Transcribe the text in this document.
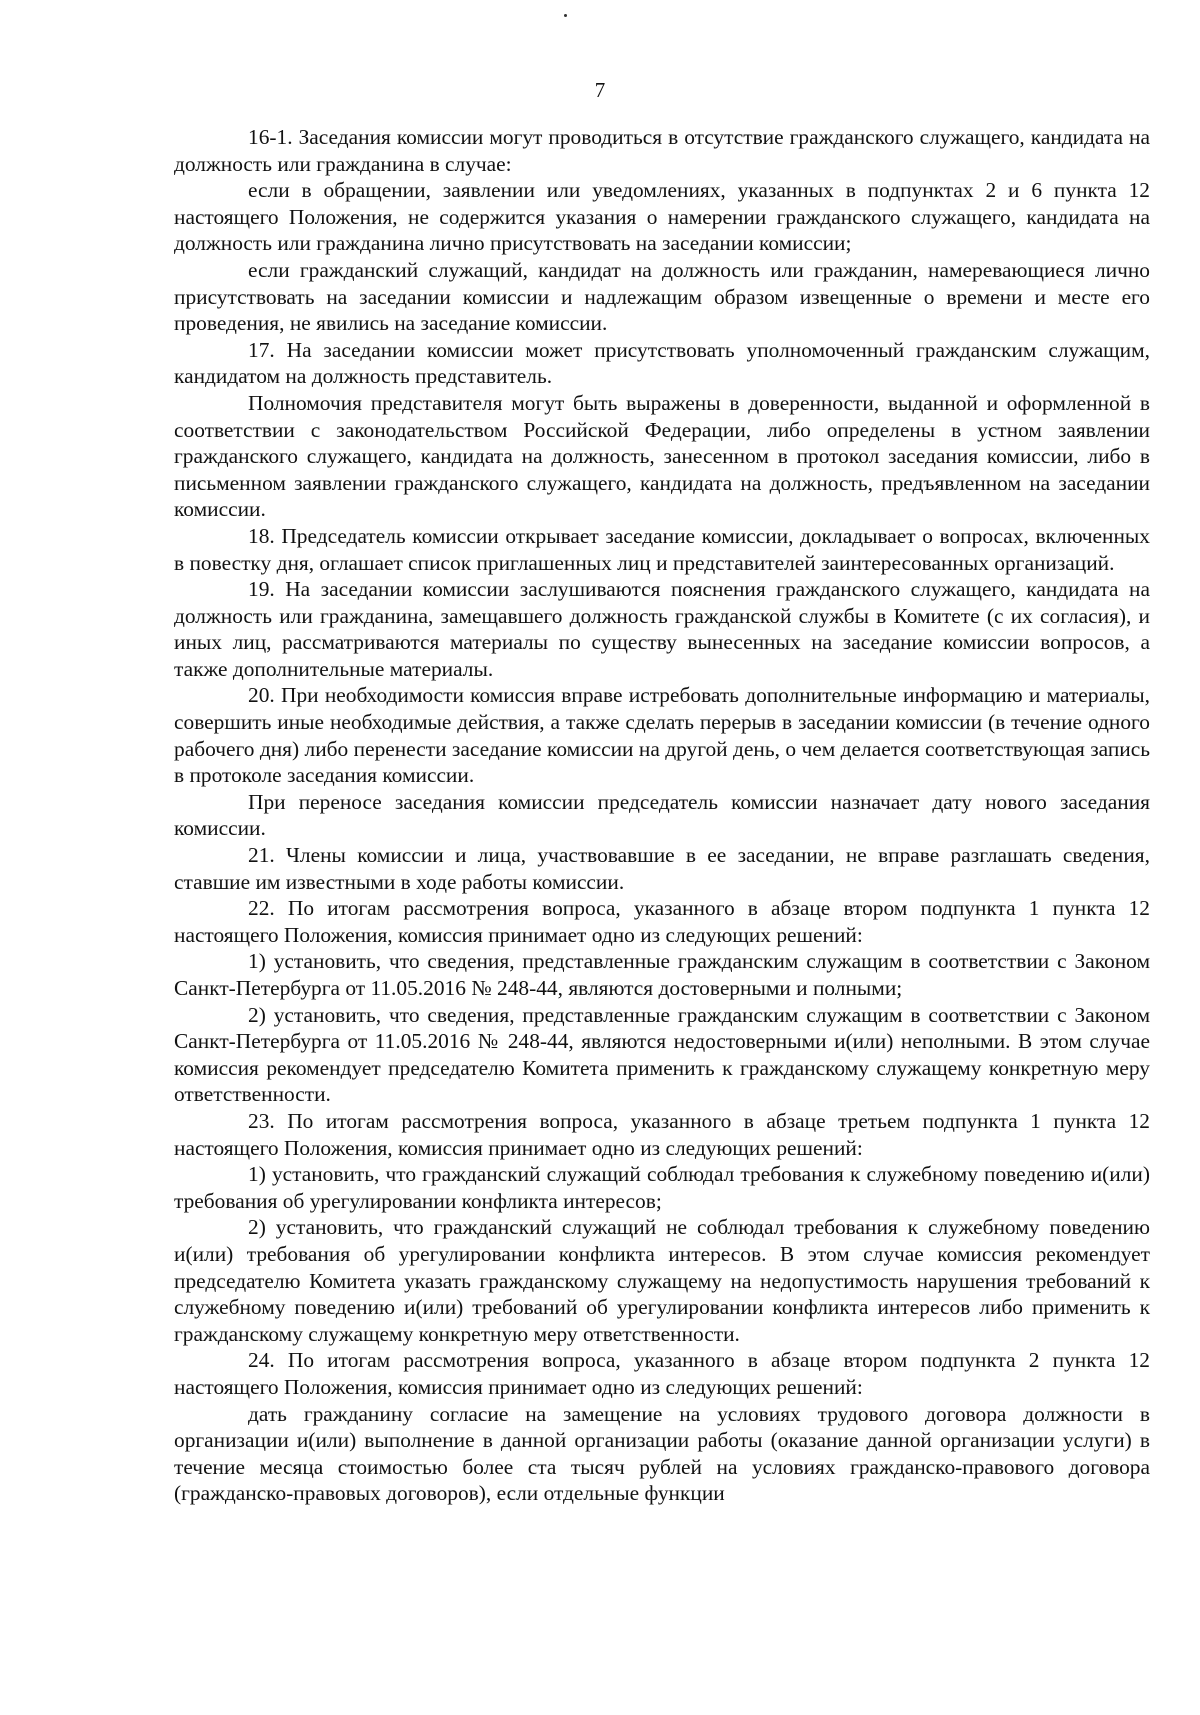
7

16-1. Заседания комиссии могут проводиться в отсутствие гражданского служащего, кандидата на должность или гражданина в случае:

если в обращении, заявлении или уведомлениях, указанных в подпунктах 2 и 6 пункта 12 настоящего Положения, не содержится указания о намерении гражданского служащего, кандидата на должность или гражданина лично присутствовать на заседании комиссии;

если гражданский служащий, кандидат на должность или гражданин, намеревающиеся лично присутствовать на заседании комиссии и надлежащим образом извещенные о времени и месте его проведения, не явились на заседание комиссии.

17. На заседании комиссии может присутствовать уполномоченный гражданским служащим, кандидатом на должность представитель.

Полномочия представителя могут быть выражены в доверенности, выданной и оформленной в соответствии с законодательством Российской Федерации, либо определены в устном заявлении гражданского служащего, кандидата на должность, занесенном в протокол заседания комиссии, либо в письменном заявлении гражданского служащего, кандидата на должность, предъявленном на заседании комиссии.

18. Председатель комиссии открывает заседание комиссии, докладывает о вопросах, включенных в повестку дня, оглашает список приглашенных лиц и представителей заинтересованных организаций.

19. На заседании комиссии заслушиваются пояснения гражданского служащего, кандидата на должность или гражданина, замещавшего должность гражданской службы в Комитете (с их согласия), и иных лиц, рассматриваются материалы по существу вынесенных на заседание комиссии вопросов, а также дополнительные материалы.

20. При необходимости комиссия вправе истребовать дополнительные информацию и материалы, совершить иные необходимые действия, а также сделать перерыв в заседании комиссии (в течение одного рабочего дня) либо перенести заседание комиссии на другой день, о чем делается соответствующая запись в протоколе заседания комиссии.

При переносе заседания комиссии председатель комиссии назначает дату нового заседания комиссии.

21. Члены комиссии и лица, участвовавшие в ее заседании, не вправе разглашать сведения, ставшие им известными в ходе работы комиссии.

22. По итогам рассмотрения вопроса, указанного в абзаце втором подпункта 1 пункта 12 настоящего Положения, комиссия принимает одно из следующих решений:

1) установить, что сведения, представленные гражданским служащим в соответствии с Законом Санкт-Петербурга от 11.05.2016 № 248-44, являются достоверными и полными;

2) установить, что сведения, представленные гражданским служащим в соответствии с Законом Санкт-Петербурга от 11.05.2016 № 248-44, являются недостоверными и(или) неполными. В этом случае комиссия рекомендует председателю Комитета применить к гражданскому служащему конкретную меру ответственности.

23. По итогам рассмотрения вопроса, указанного в абзаце третьем подпункта 1 пункта 12 настоящего Положения, комиссия принимает одно из следующих решений:

1) установить, что гражданский служащий соблюдал требования к служебному поведению и(или) требования об урегулировании конфликта интересов;

2) установить, что гражданский служащий не соблюдал требования к служебному поведению и(или) требования об урегулировании конфликта интересов. В этом случае комиссия рекомендует председателю Комитета указать гражданскому служащему на недопустимость нарушения требований к служебному поведению и(или) требований об урегулировании конфликта интересов либо применить к гражданскому служащему конкретную меру ответственности.

24. По итогам рассмотрения вопроса, указанного в абзаце втором подпункта 2 пункта 12 настоящего Положения, комиссия принимает одно из следующих решений:

дать гражданину согласие на замещение на условиях трудового договора должности в организации и(или) выполнение в данной организации работы (оказание данной организации услуги) в течение месяца стоимостью более ста тысяч рублей на условиях гражданско-правового договора (гражданско-правовых договоров), если отдельные функции
